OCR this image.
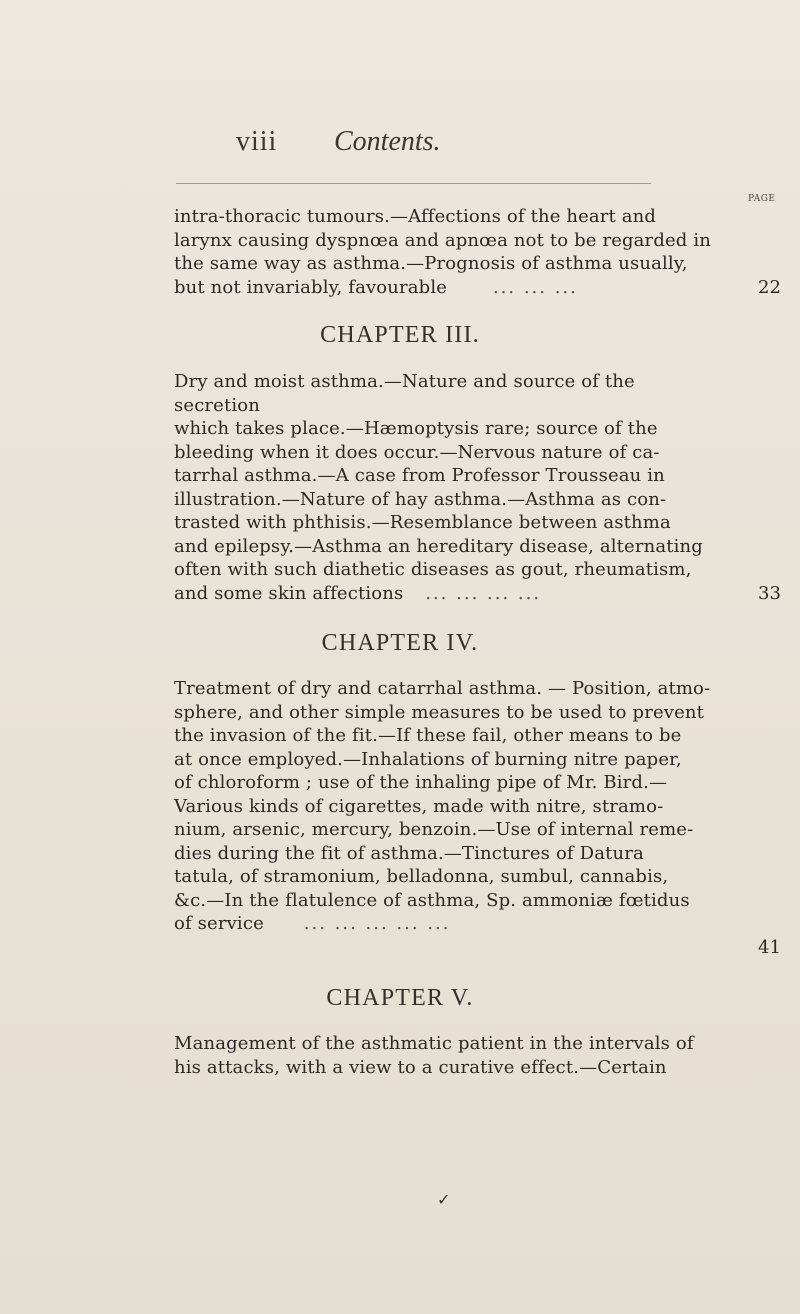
viii Contents.
PAGE
intra-thoracic tumours.—Affections of the heart and
larynx causing dyspnœa and apnœa not to be regarded in
the same way as asthma.—Prognosis of asthma usually,
but not invariably, favourable	... ... ...	22
CHAPTER III.
Dry and moist asthma.—Nature and source of the secretion
which takes place.—Hæmoptysis rare; source of the
bleeding when it does occur.—Nervous nature of ca-
tarrhal asthma.—A case from Professor Trousseau in
illustration.—Nature of hay asthma.—Asthma as con-
trasted with phthisis.—Resemblance between asthma
and epilepsy.—Asthma an hereditary disease, alternating
often with such diathetic diseases as gout, rheumatism,
and some skin affections ... ... ... ...	33
CHAPTER IV.
Treatment of dry and catarrhal asthma. — Position, atmo-
sphere, and other simple measures to be used to prevent
the invasion of the fit.—If these fail, other means to be
at once employed.—Inhalations of burning nitre paper,
of chloroform ; use of the inhaling pipe of Mr. Bird.—
Various kinds of cigarettes, made with nitre, stramo-
nium, arsenic, mercury, benzoin.—Use of internal reme-
dies during the fit of asthma.—Tinctures of Datura
tatula, of stramonium, belladonna, sumbul, cannabis,
&c.—In the flatulence of asthma, Sp. ammoniæ fœtidus
of service ... ... ... ... ...
41
CHAPTER V.
✓
Management of the asthmatic patient in the intervals of
his attacks, with a view to a curative effect.—Certain
